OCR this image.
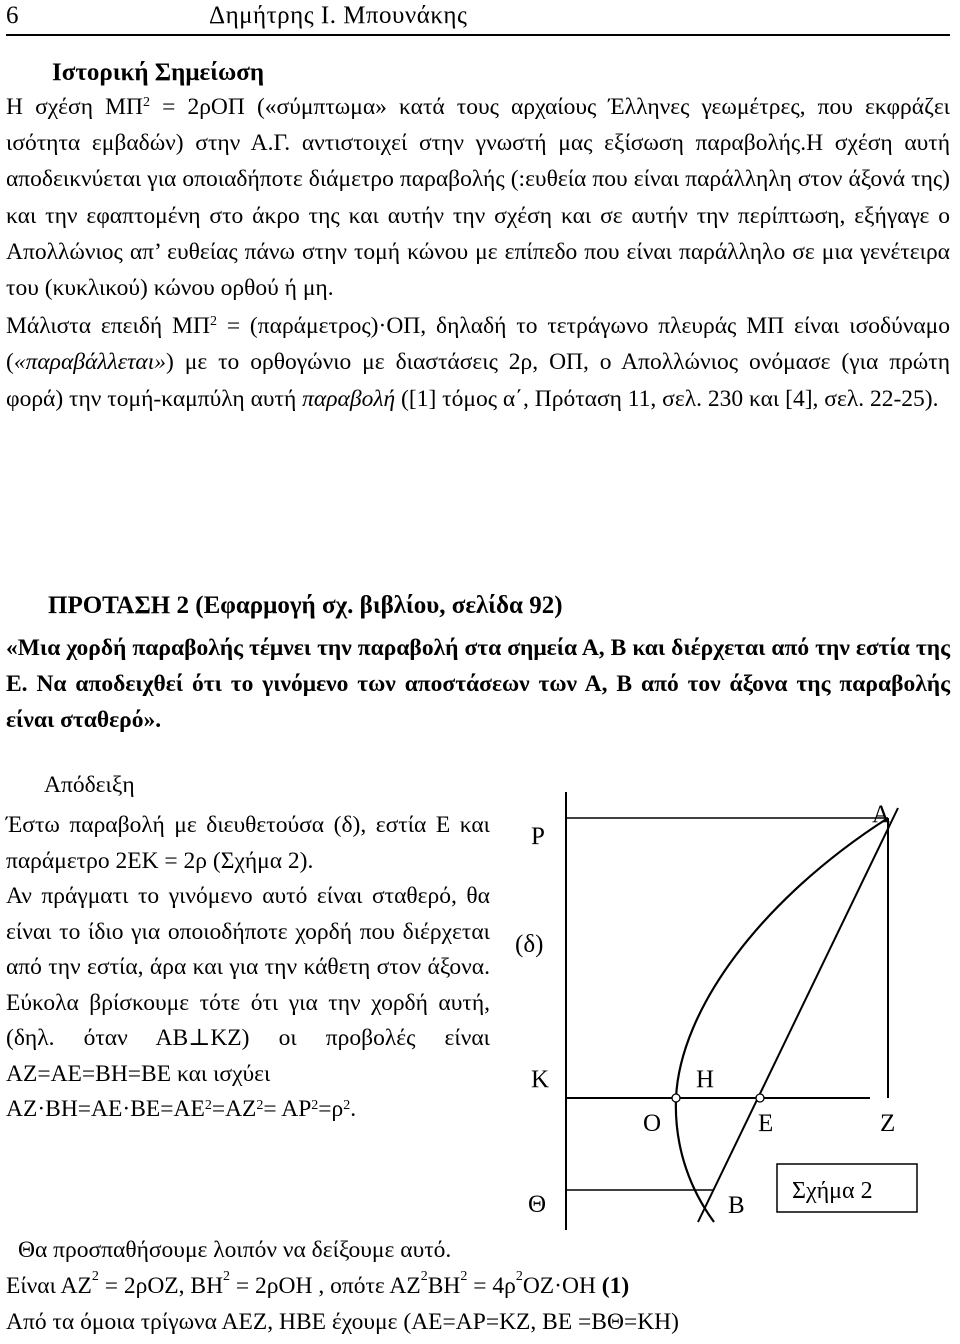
6	Δημήτρης Ι. Μπουνάκης
Ιστορική Σημείωση

Η σχέση $M\Pi^2 = 2\rho O\Pi$ («σύμπτωμα» κατά τους αρχαίους Έλληνες γεωμέτρες, που εκφράζει ισότητα εμβαδών) στην Α.Γ. αντιστοιχεί στην γνωστή μας εξίσωση παραβολής.Η σχέση αυτή αποδεικνύεται για οποιαδήποτε διάμετρο παραβολής (:ευθεία που είναι παράλληλη στον άξονά της) και την εφαπτομένη στο άκρο της και αυτήν την σχέση και σε αυτήν την περίπτωση, εξήγαγε ο Απολλώνιος απ’ ευθείας πάνω στην τομή κώνου με επίπεδο που είναι παράλληλο σε μια γενέτειρα του (κυκλικού) κώνου ορθού ή μη.

Μάλιστα επειδή $M\Pi^2 = (\pi\alpha\rho ά\mu\varepsilon\tau\rho o\varsigma)\cdot O\Pi$, δηλαδή το τετράγωνο πλευράς ΜΠ είναι ισοδύναμο («παραβάλλεται») με το ορθογώνιο με διαστάσεις 2ρ, ΟΠ, ο Απολλώνιος ονόμασε (για πρώτη φορά) την τομή-καμπύλη αυτή παραβολή ([1] τόμος α΄, Πρόταση 11, σελ. 230 και [4], σελ. 22-25).

ΠΡΟΤΑΣΗ 2 (Εφαρμογή σχ. βιβλίου, σελίδα 92)
«Μια χορδή παραβολής τέμνει την παραβολή στα σημεία Α, Β και διέρχεται από την εστία της Ε. Να αποδειχθεί ότι το γινόμενο των αποστάσεων των Α, Β από τον άξονα της παραβολής είναι σταθερό».
Απόδειξη

Έστω παραβολή με διευθετούσα (δ), εστία Ε και παράμετρο 2ΕΚ = 2ρ (Σχήμα 2).

Αν πράγματι το γινόμενο αυτό είναι σταθερό, θα είναι το ίδιο για οποιοδήποτε χορδή που διέρχεται από την εστία, άρα και για την κάθετη στον άξονα. Εύκολα βρίσκουμε τότε ότι για την χορδή αυτή,(δηλ. όταν ΑΒ⊥ΚΖ) οι προβολές είναι ΑΖ=ΑΕ=ΒΗ=ΒΕ και ισχύει

$AZ\cdot BH=AE\cdot BE=AE^2=AZ^2= AP^2=\rho^2$.

Θα προσπαθήσουμε λοιπόν να δείξουμε αυτό.
Είναι $AZ^2 = 2\rho OZ$, $BH^2 = 2\rho OH$ , οπότε $AZ^2BH^2 = 4\rho^2OZ\cdot OH$ (1)
Από τα όμοια τρίγωνα ΑΕΖ, ΗΒΕ έχουμε (ΑΕ=ΑΡ=ΚΖ, ΒΕ =ΒΘ=ΚΗ)
Α
Ρ
(δ)
Κ	Η
Ο	Ε	Ζ
Θ	Β
Σχήμα 2
